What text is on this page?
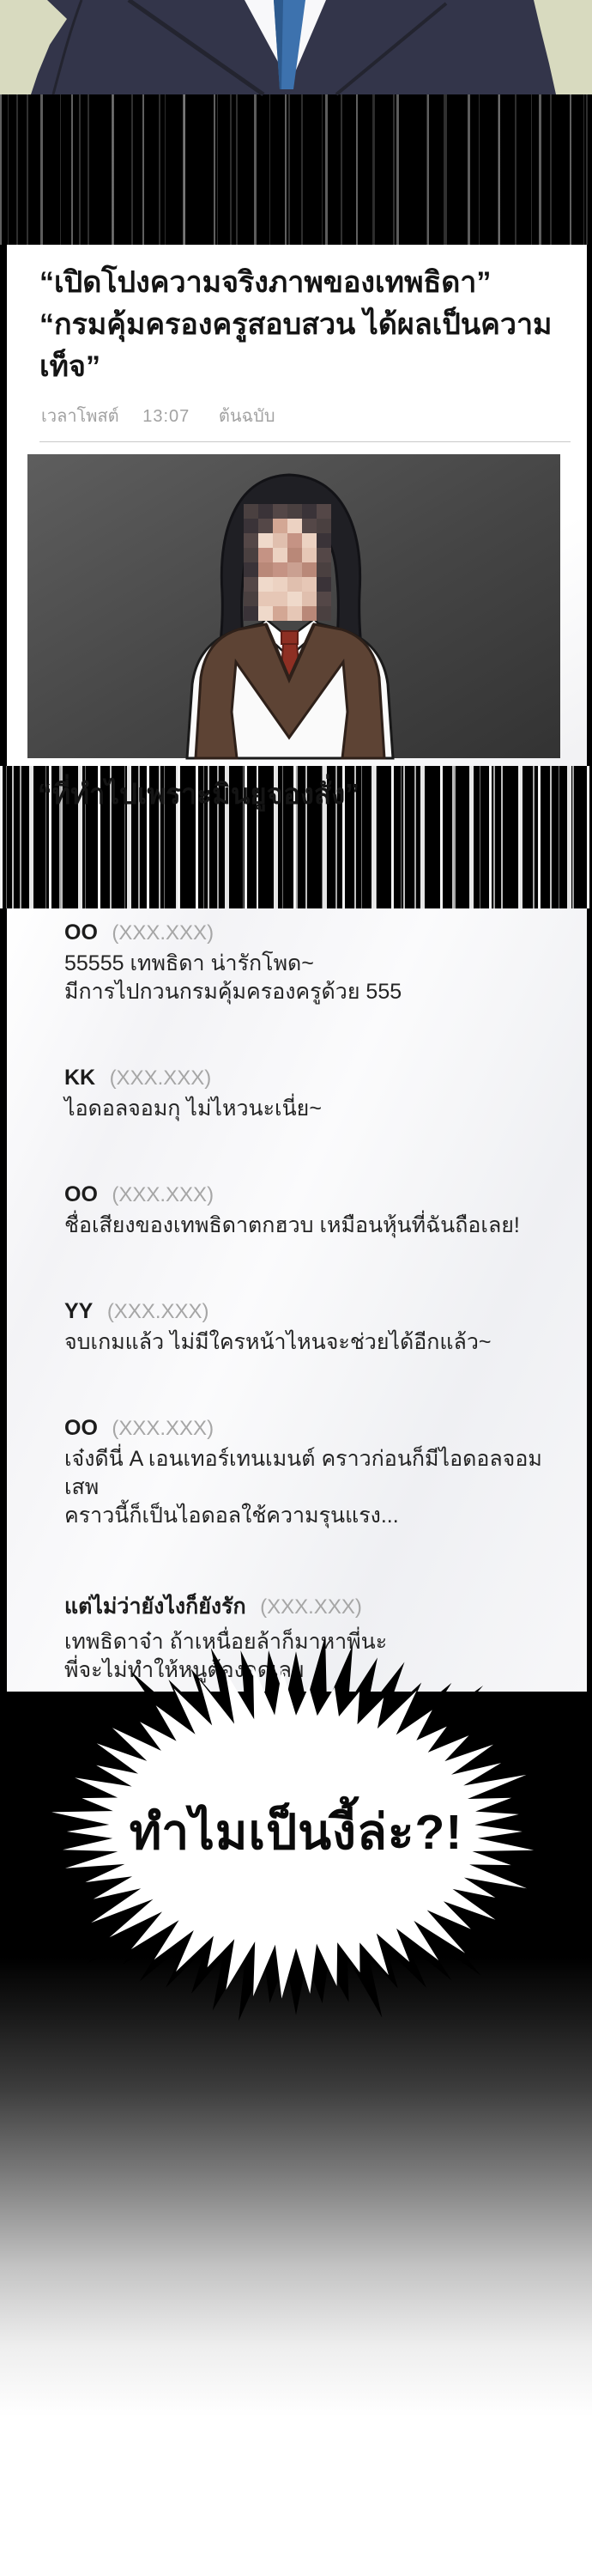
“เปิดโปงความจริงภาพของเทพธิดา”
“กรมคุ้มครองครูสอบสวน ได้ผลเป็นความเท็จ”
เวลาโพสต์ 13:07 ต้นฉบับ

“ที่ทำไปเพราะมินยูจองสั่ง”

OO (XXX.XXX)

55555 เทพธิดา น่ารักโพด~

มีการไปกวนกรมคุ้มครองครูด้วย 555

KK (XXX.XXX)

ไอดอลจอมกุ ไม่ไหวนะเนี่ย~

OO (XXX.XXX)

ชื่อเสียงของเทพธิดาตกฮวบ เหมือนหุ้นที่ฉันถือเลย!

YY (XXX.XXX)

จบเกมแล้ว ไม่มีใครหน้าไหนจะช่วยได้อีกแล้ว~

OO (XXX.XXX)

เจ๋งดีนี่ A เอนเทอร์เทนเมนต์ คราวก่อนก็มีไอดอลจอมเสพ

คราวนี้ก็เป็นไอดอลใช้ความรุนแรง...

แต่ไม่ว่ายังไงก็ยังรัก (XXX.XXX)

เทพธิดาจ๋า ถ้าเหนื่อยล้าก็มาหาพี่นะ

พี่จะไม่ทำให้หนูต้องอดเลย

ทำไมเป็นงี้ล่ะ?!
